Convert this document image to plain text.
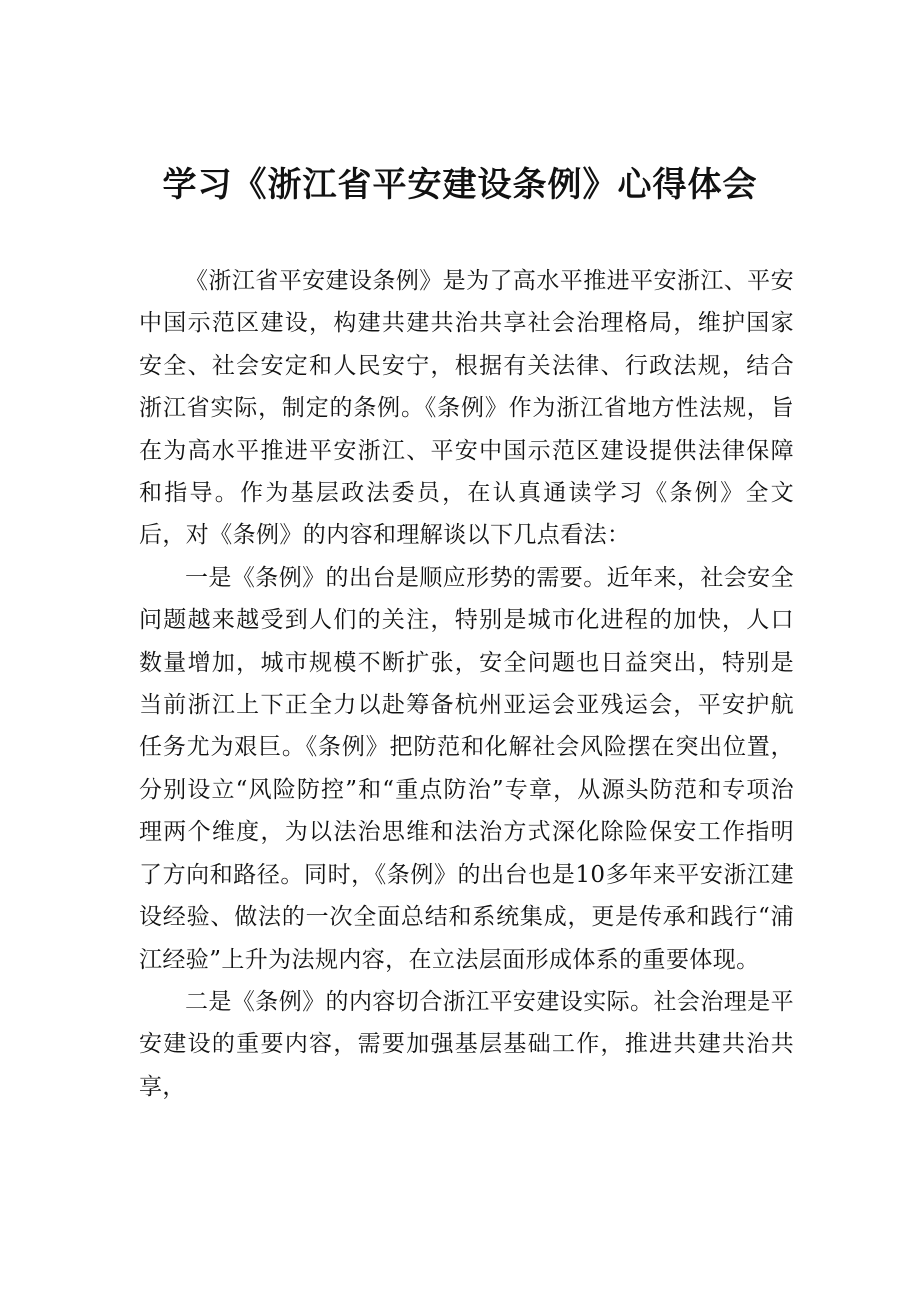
学习《浙江省平安建设条例》心得体会

《浙江省平安建设条例》是为了高水平推进平安浙江、平安中国示范区建设，构建共建共治共享社会治理格局，维护国家安全、社会安定和人民安宁，根据有关法律、行政法规，结合浙江省实际，制定的条例。《条例》作为浙江省地方性法规，旨在为高水平推进平安浙江、平安中国示范区建设提供法律保障和指导。作为基层政法委员，在认真通读学习《条例》全文后，对《条例》的内容和理解谈以下几点看法：

一是《条例》的出台是顺应形势的需要。近年来，社会安全问题越来越受到人们的关注，特别是城市化进程的加快，人口数量增加，城市规模不断扩张，安全问题也日益突出，特别是当前浙江上下正全力以赴筹备杭州亚运会亚残运会，平安护航任务尤为艰巨。《条例》把防范和化解社会风险摆在突出位置，分别设立“风险防控”和“重点防治”专章，从源头防范和专项治理两个维度，为以法治思维和法治方式深化除险保安工作指明了方向和路径。同时，《条例》的出台也是10多年来平安浙江建设经验、做法的一次全面总结和系统集成，更是传承和践行“浦江经验”上升为法规内容，在立法层面形成体系的重要体现。

二是《条例》的内容切合浙江平安建设实际。社会治理是平安建设的重要内容，需要加强基层基础工作，推进共建共治共享，
